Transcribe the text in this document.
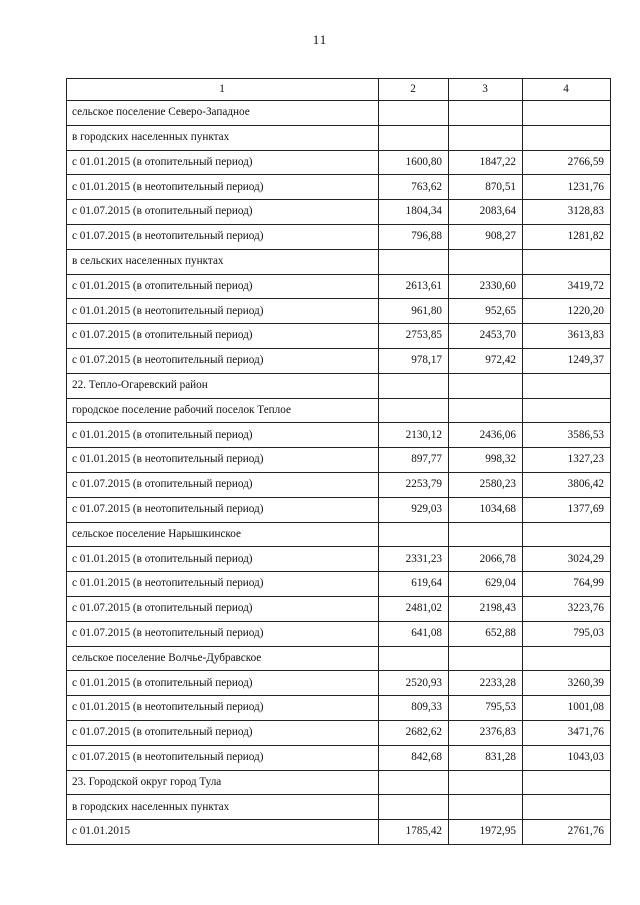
11
1	2	3	4
сельское поселение Северо-Западное			
в городских населенных пунктах			
с 01.01.2015 (в отопительный период)	1600,80	1847,22	2766,59
с 01.01.2015 (в неотопительный период)	763,62	870,51	1231,76
с 01.07.2015 (в отопительный период)	1804,34	2083,64	3128,83
с 01.07.2015 (в неотопительный период)	796,88	908,27	1281,82
в сельских населенных пунктах			
с 01.01.2015 (в отопительный период)	2613,61	2330,60	3419,72
с 01.01.2015 (в неотопительный период)	961,80	952,65	1220,20
с 01.07.2015 (в отопительный период)	2753,85	2453,70	3613,83
с 01.07.2015 (в неотопительный период)	978,17	972,42	1249,37
22. Тепло-Огаревский район			
городское поселение рабочий поселок Теплое			
с 01.01.2015 (в отопительный период)	2130,12	2436,06	3586,53
с 01.01.2015 (в неотопительный период)	897,77	998,32	1327,23
с 01.07.2015 (в отопительный период)	2253,79	2580,23	3806,42
с 01.07.2015 (в неотопительный период)	929,03	1034,68	1377,69
сельское поселение Нарышкинское			
с 01.01.2015 (в отопительный период)	2331,23	2066,78	3024,29
с 01.01.2015 (в неотопительный период)	619,64	629,04	764,99
с 01.07.2015 (в отопительный период)	2481,02	2198,43	3223,76
с 01.07.2015 (в неотопительный период)	641,08	652,88	795,03
сельское поселение Волчье-Дубравское			
с 01.01.2015 (в отопительный период)	2520,93	2233,28	3260,39
с 01.01.2015 (в неотопительный период)	809,33	795,53	1001,08
с 01.07.2015 (в отопительный период)	2682,62	2376,83	3471,76
с 01.07.2015 (в неотопительный период)	842,68	831,28	1043,03
23. Городской округ город Тула			
в городских населенных пунктах			
с 01.01.2015	1785,42	1972,95	2761,76
